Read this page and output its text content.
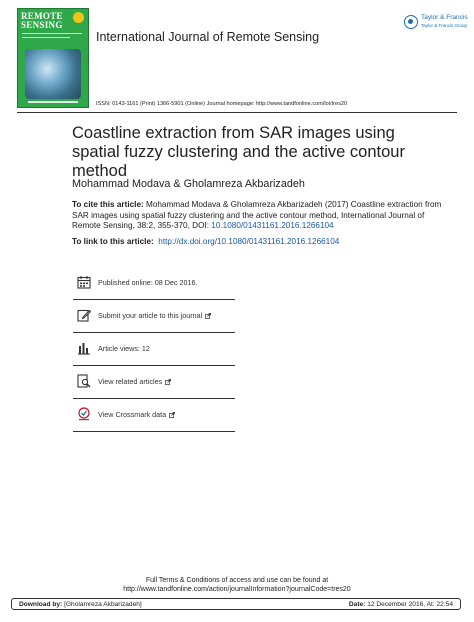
REMOTE
SENSING
International Journal of Remote Sensing
Taylor & Francis
Taylor & Francis Group
ISSN: 0143-1161 (Print) 1366-5901 (Online) Journal homepage: http://www.tandfonline.com/loi/tres20
Coastline extraction from SAR images using spatial fuzzy clustering and the active contour method
Mohammad Modava & Gholamreza Akbarizadeh
To cite this article: Mohammad Modava & Gholamreza Akbarizadeh (2017) Coastline extraction from SAR images using spatial fuzzy clustering and the active contour method, International Journal of Remote Sensing, 38:2, 355-370, DOI: 10.1080/01431161.2016.1266104
To link to this article: http://dx.doi.org/10.1080/01431161.2016.1266104
Published online: 08 Dec 2016.
Submit your article to this journal
Article views: 12
View related articles
View Crossmark data
Full Terms & Conditions of access and use can be found at
http://www.tandfonline.com/action/journalInformation?journalCode=tres20
Download by: [Gholamreza Akbarizadeh]	Date: 12 December 2016, At: 22:54
